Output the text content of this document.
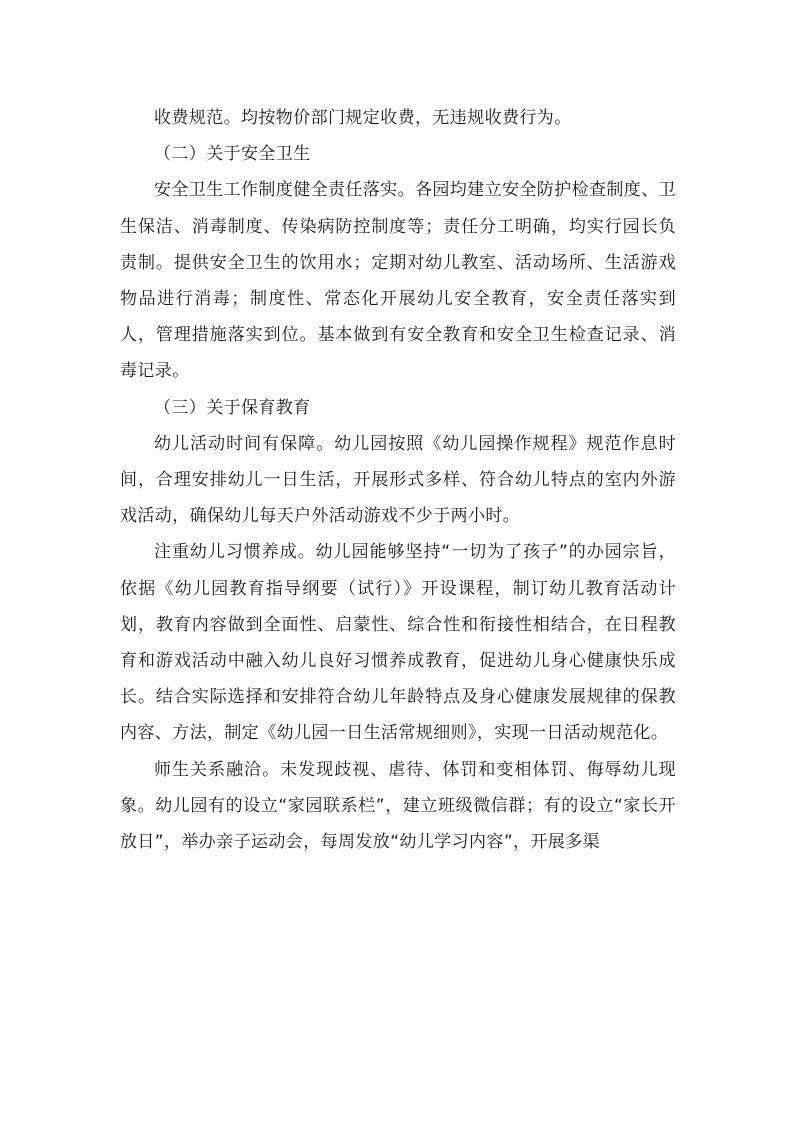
收费规范。均按物价部门规定收费，无违规收费行为。

（二）关于安全卫生

安全卫生工作制度健全责任落实。各园均建立安全防护检查制度、卫生保洁、消毒制度、传染病防控制度等；责任分工明确，均实行园长负责制。提供安全卫生的饮用水；定期对幼儿教室、活动场所、生活游戏物品进行消毒；制度性、常态化开展幼儿安全教育，安全责任落实到人，管理措施落实到位。基本做到有安全教育和安全卫生检查记录、消毒记录。

（三）关于保育教育

幼儿活动时间有保障。幼儿园按照《幼儿园操作规程》规范作息时间，合理安排幼儿一日生活，开展形式多样、符合幼儿特点的室内外游戏活动，确保幼儿每天户外活动游戏不少于两小时。

注重幼儿习惯养成。幼儿园能够坚持“一切为了孩子”的办园宗旨，依据《幼儿园教育指导纲要（试行）》开设课程，制订幼儿教育活动计划，教育内容做到全面性、启蒙性、综合性和衔接性相结合，在日程教育和游戏活动中融入幼儿良好习惯养成教育，促进幼儿身心健康快乐成长。结合实际选择和安排符合幼儿年龄特点及身心健康发展规律的保教内容、方法，制定《幼儿园一日生活常规细则》，实现一日活动规范化。

师生关系融洽。未发现歧视、虐待、体罚和变相体罚、侮辱幼儿现象。幼儿园有的设立“家园联系栏”，建立班级微信群；有的设立“家长开放日”，举办亲子运动会，每周发放“幼儿学习内容”，开展多渠
